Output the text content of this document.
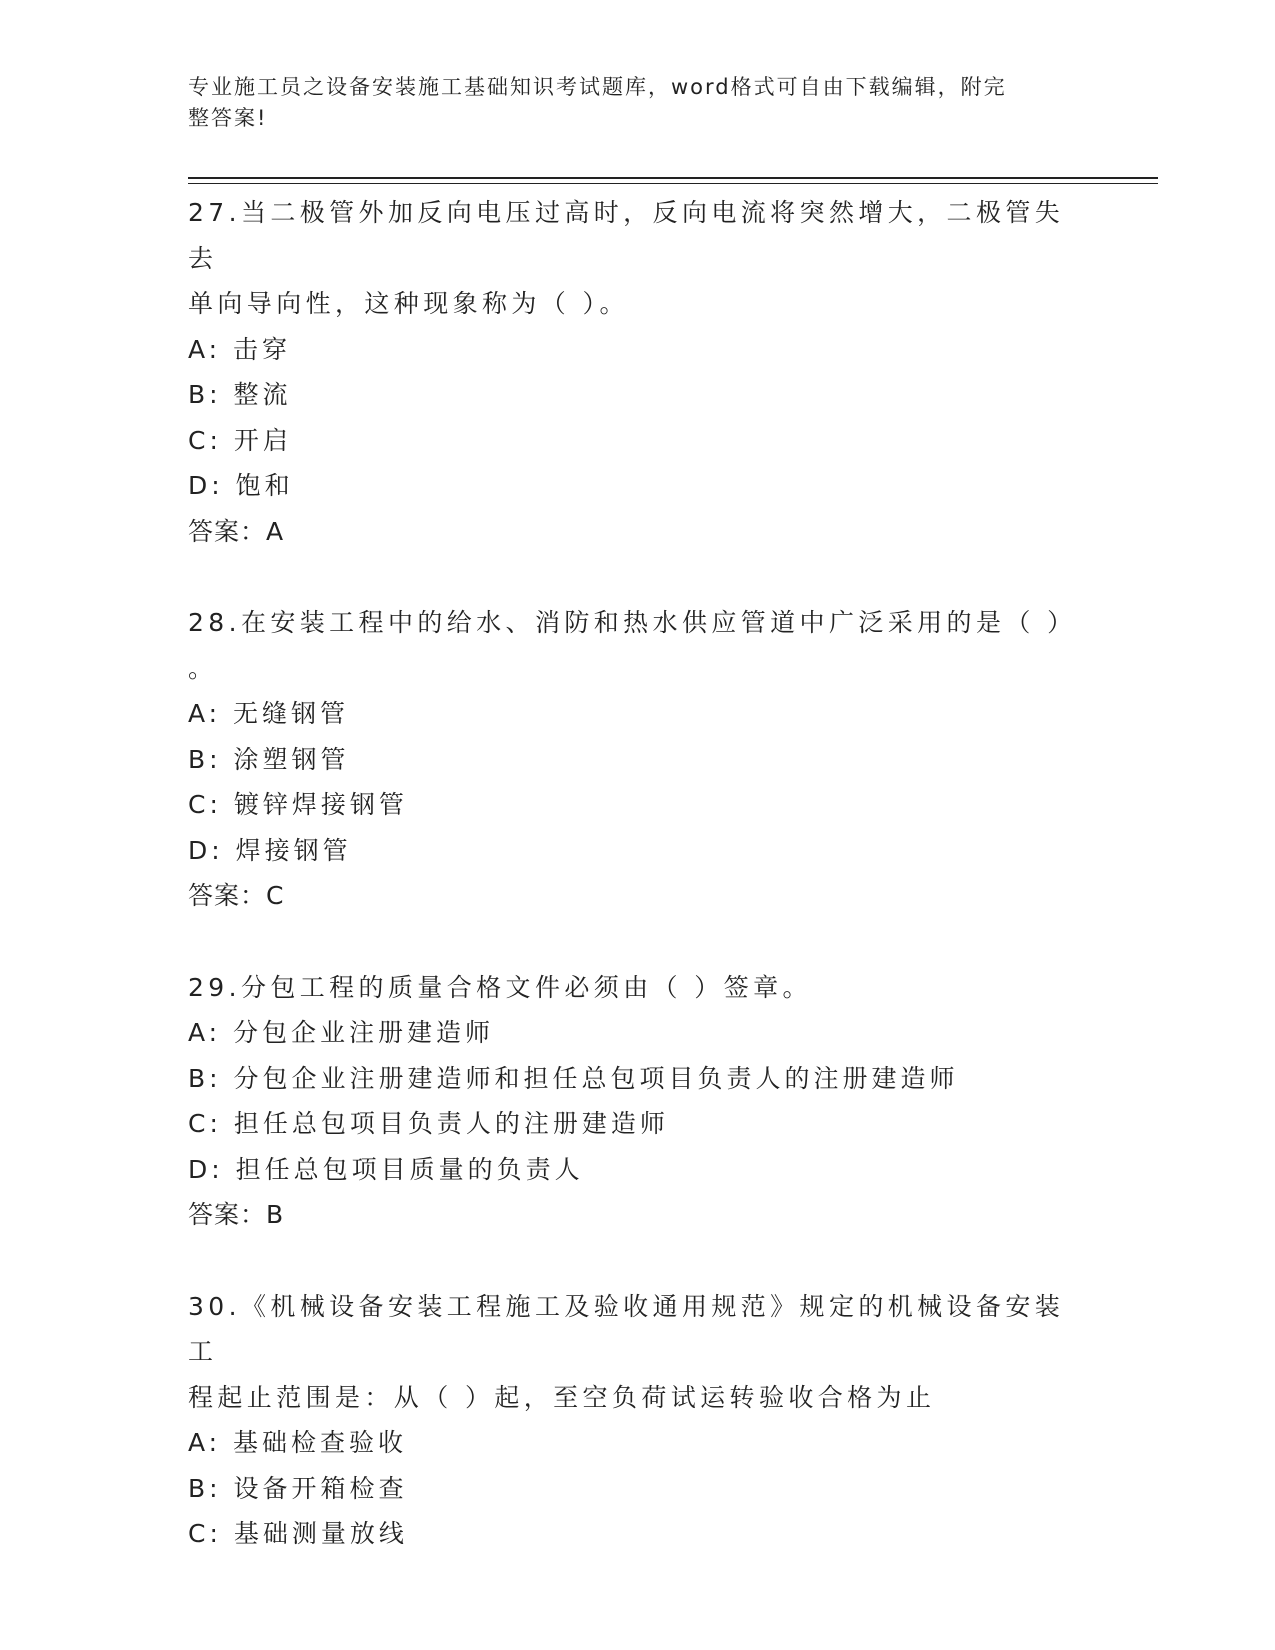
专业施工员之设备安装施工基础知识考试题库，word格式可自由下载编辑，附完
整答案!
27.当二极管外加反向电压过高时，反向电流将突然增大，二极管失去
单向导向性，这种现象称为（ ）。
A: 击穿
B: 整流
C: 开启
D: 饱和
答案：A
28.在安装工程中的给水、消防和热水供应管道中广泛采用的是（ ）
。
A: 无缝钢管
B: 涂塑钢管
C: 镀锌焊接钢管
D: 焊接钢管
答案：C
29.分包工程的质量合格文件必须由（ ）签章。
A: 分包企业注册建造师
B: 分包企业注册建造师和担任总包项目负责人的注册建造师
C: 担任总包项目负责人的注册建造师
D: 担任总包项目质量的负责人
答案：B
30.《机械设备安装工程施工及验收通用规范》规定的机械设备安装工
程起止范围是：从（ ）起，至空负荷试运转验收合格为止
A: 基础检查验收
B: 设备开箱检查
C: 基础测量放线
